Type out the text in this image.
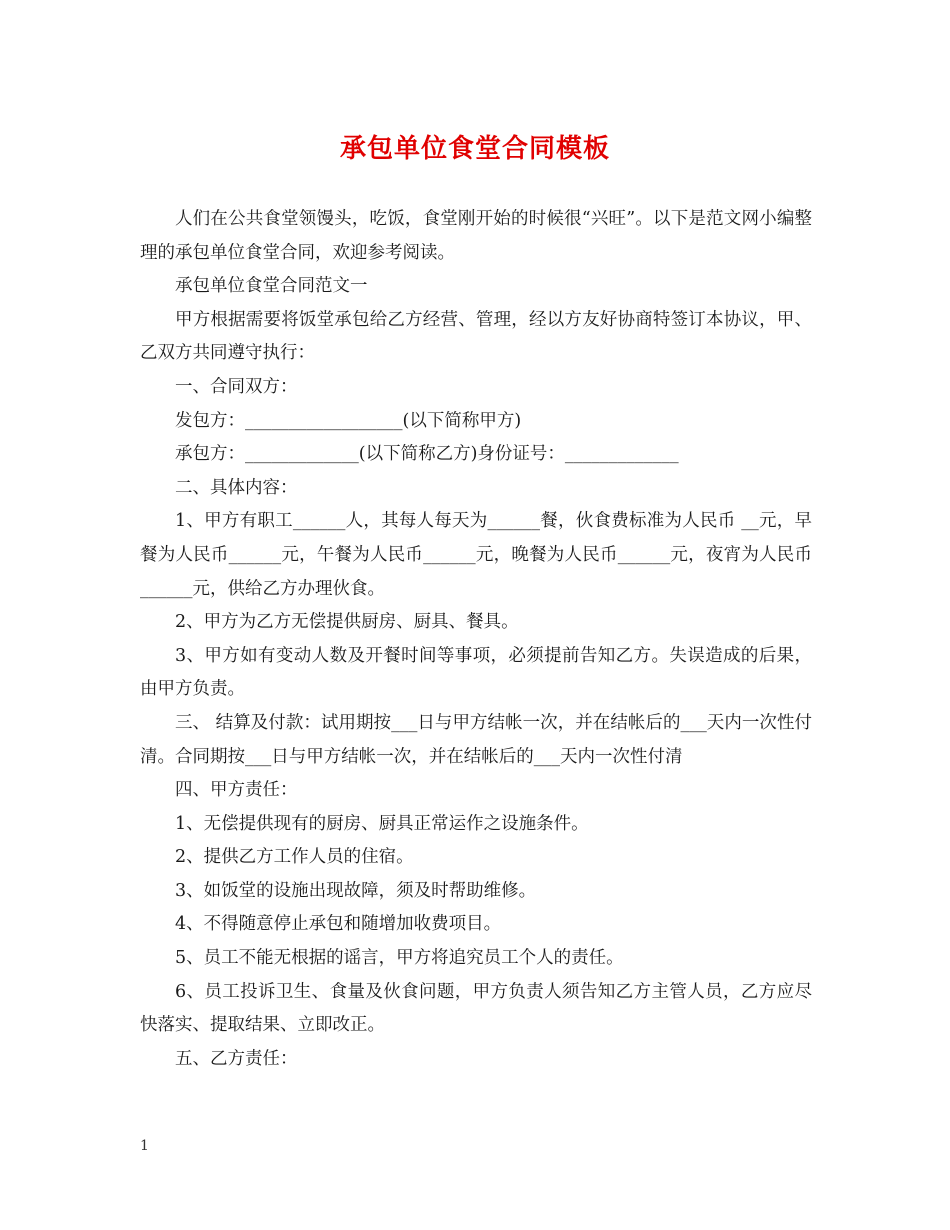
承包单位食堂合同模板

人们在公共食堂领馒头，吃饭，食堂刚开始的时候很“兴旺”。以下是范文网小编整理的承包单位食堂合同，欢迎参考阅读。

承包单位食堂合同范文一

甲方根据需要将饭堂承包给乙方经营、管理，经以方友好协商特签订本协议，甲、乙双方共同遵守执行：

一、合同双方：

发包方：__________________(以下简称甲方)

承包方：_____________(以下简称乙方)身份证号：_____________

二、具体内容：

1、甲方有职工______人，其每人每天为______餐，伙食费标准为人民币 __元，早餐为人民币______元，午餐为人民币______元，晚餐为人民币______元，夜宵为人民币______元，供给乙方办理伙食。

2、甲方为乙方无偿提供厨房、厨具、餐具。

3、甲方如有变动人数及开餐时间等事项，必须提前告知乙方。失误造成的后果，由甲方负责。

三、 结算及付款：试用期按___日与甲方结帐一次，并在结帐后的___天内一次性付清。合同期按___日与甲方结帐一次，并在结帐后的___天内一次性付清

四、甲方责任：

1、无偿提供现有的厨房、厨具正常运作之设施条件。

2、提供乙方工作人员的住宿。

3、如饭堂的设施出现故障，须及时帮助维修。

4、不得随意停止承包和随增加收费项目。

5、员工不能无根据的谣言，甲方将追究员工个人的责任。

6、员工投诉卫生、食量及伙食问题，甲方负责人须告知乙方主管人员，乙方应尽快落实、提取结果、立即改正。

五、乙方责任：

1
